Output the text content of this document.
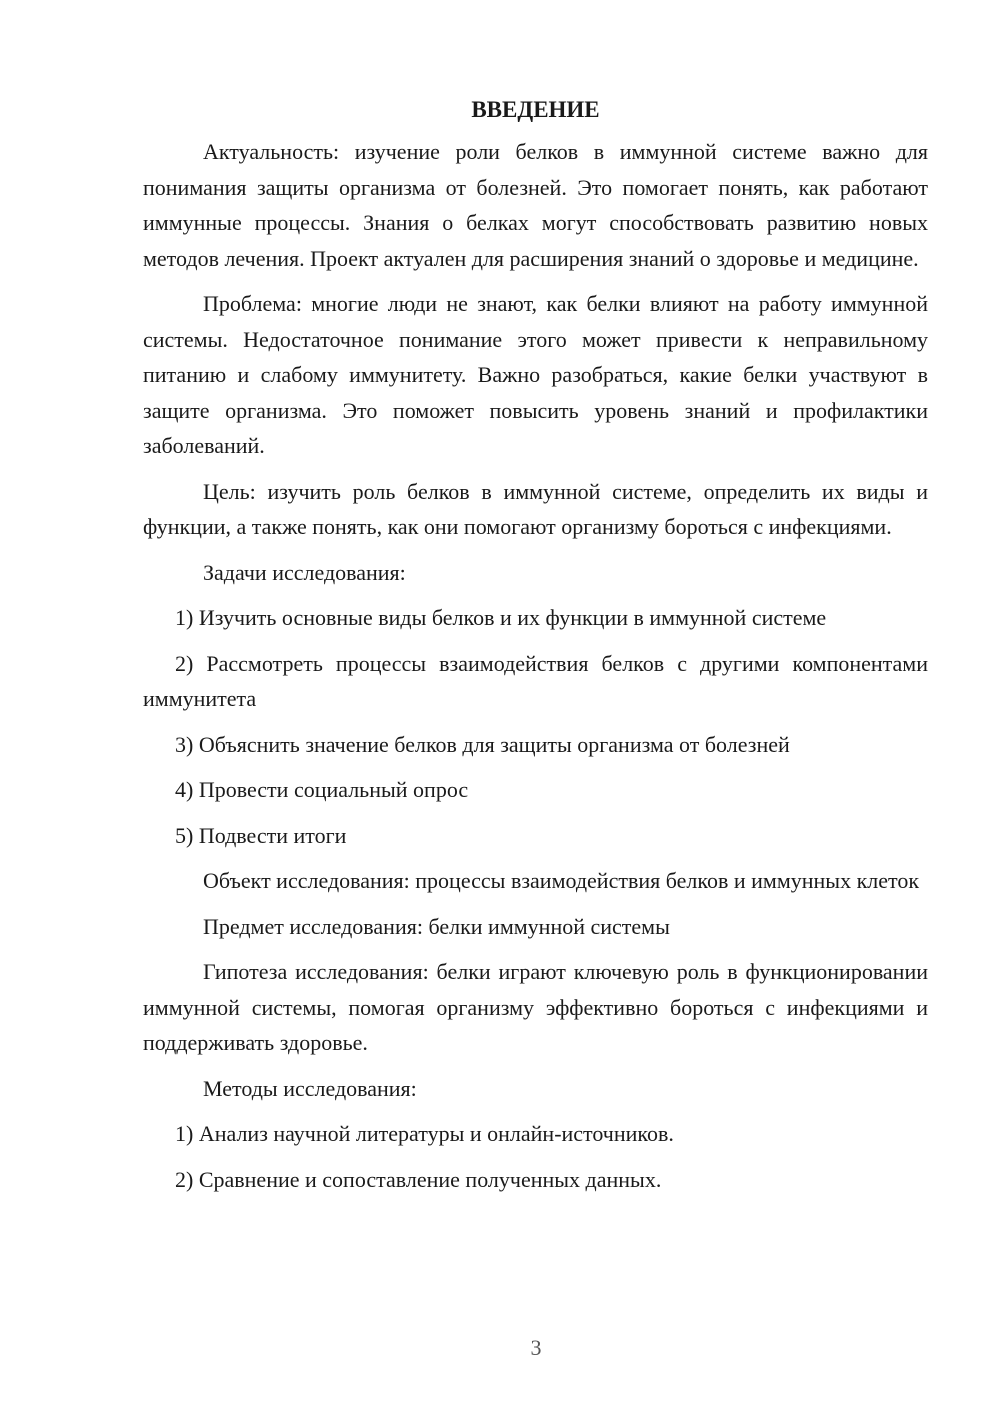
ВВЕДЕНИЕ

Актуальность: изучение роли белков в иммунной системе важно для понимания защиты организма от болезней. Это помогает понять, как работают иммунные процессы. Знания о белках могут способствовать развитию новых методов лечения. Проект актуален для расширения знаний о здоровье и медицине.

Проблема: многие люди не знают, как белки влияют на работу иммунной системы. Недостаточное понимание этого может привести к неправильному питанию и слабому иммунитету. Важно разобраться, какие белки участвуют в защите организма. Это поможет повысить уровень знаний и профилактики заболеваний.

Цель: изучить роль белков в иммунной системе, определить их виды и функции, а также понять, как они помогают организму бороться с инфекциями.

Задачи исследования:

1) Изучить основные виды белков и их функции в иммунной системе

2) Рассмотреть процессы взаимодействия белков с другими компонентами иммунитета

3) Объяснить значение белков для защиты организма от болезней

4) Провести социальный опрос

5) Подвести итоги

Объект исследования: процессы взаимодействия белков и иммунных клеток

Предмет исследования: белки иммунной системы

Гипотеза исследования: белки играют ключевую роль в функционировании иммунной системы, помогая организму эффективно бороться с инфекциями и поддерживать здоровье.

Методы исследования:

1) Анализ научной литературы и онлайн-источников.

2) Сравнение и сопоставление полученных данных.

3
